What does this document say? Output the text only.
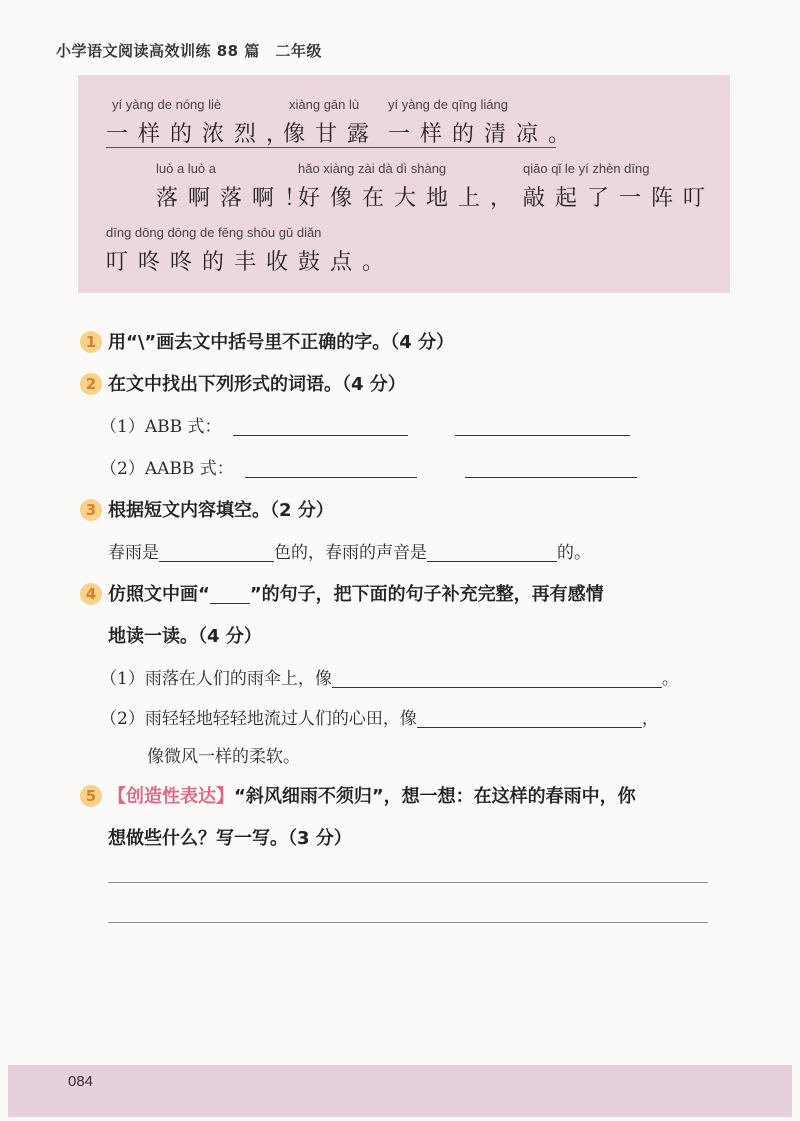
小学语文阅读高效训练 88 篇　二年级
yí yàng de nóng liè
一样的浓烈，
xiàng gān lù
像甘露
yí yàng de qīng liáng
一样的清凉。
luò a luò a
落啊落啊！
hǎo xiàng zài dà dì shàng
好像在大地上，
qiāo qǐ le yí zhèn dīng
敲起了一阵叮
dīng dōng dōng de fēng shōu gǔ diǎn
叮咚咚的丰收鼓点。
1 用“\”画去文中括号里不正确的字。（4 分）
2 在文中找出下列形式的词语。（4 分）
（1）ABB 式：
（2）AABB 式：
3 根据短文内容填空。（2 分）
春雨是	色的，春雨的声音是	的。
4 仿照文中画“ ”的句子，把下面的句子补充完整，再有感情
地读一读。（4 分）
（1）雨落在人们的雨伞上，像	。
（2）雨轻轻地轻轻地流过人们的心田，像	，
像微风一样的柔软。
5 【创造性表达】“斜风细雨不须归”，想一想：在这样的春雨中，你
想做些什么？写一写。（3 分）
084
